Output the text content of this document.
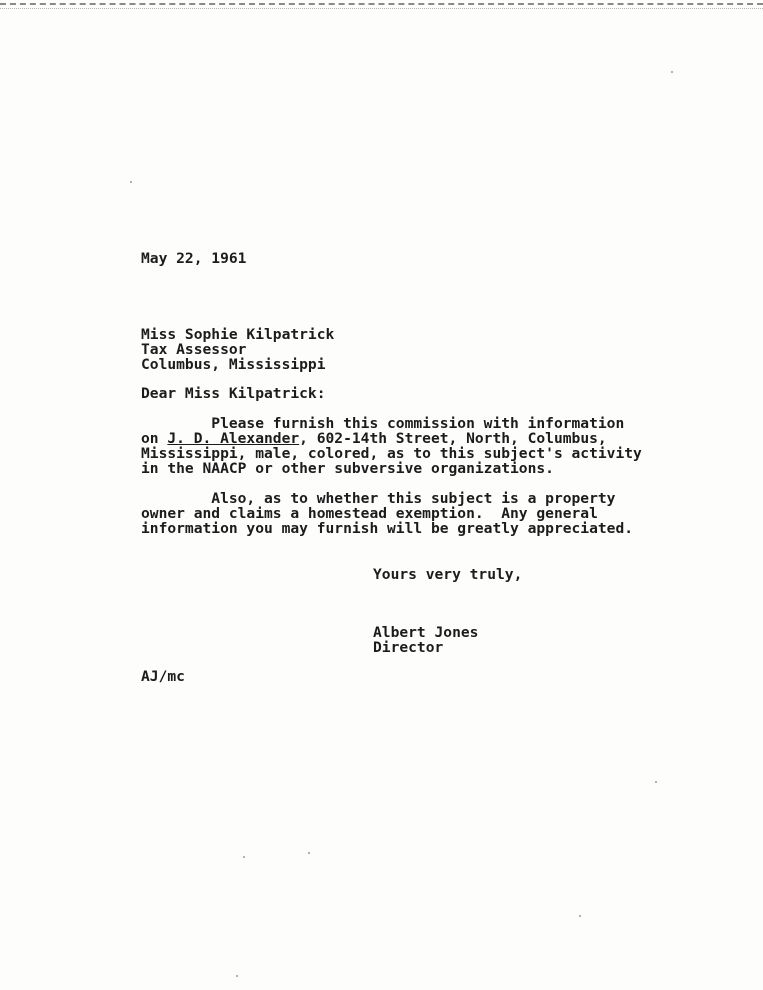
May 22, 1961
Miss Sophie Kilpatrick
Tax Assessor
Columbus, Mississippi
Dear Miss Kilpatrick:
Please furnish this commission with information
on J. D. Alexander, 602-14th Street, North, Columbus,
Mississippi, male, colored, as to this subject's activity
in the NAACP or other subversive organizations.
Also, as to whether this subject is a property
owner and claims a homestead exemption.  Any general
information you may furnish will be greatly appreciated.
Yours very truly,
Albert Jones
Director
AJ/mc
